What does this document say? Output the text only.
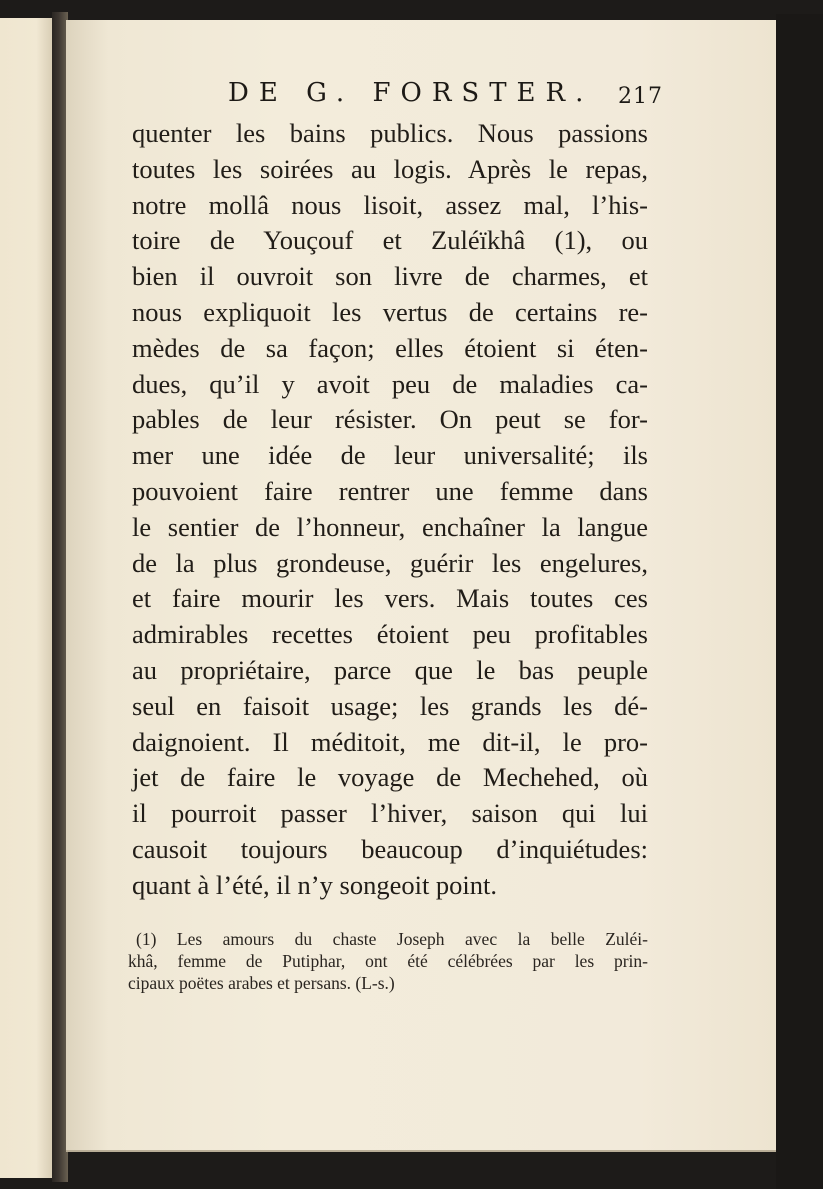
DE G. FORSTER. 217
quenter les bains publics. Nous passions
toutes les soirées au logis. Après le repas,
notre mollâ nous lisoit, assez mal, l’his-
toire de Youçouf et Zuléïkhâ (1), ou
bien il ouvroit son livre de charmes, et
nous expliquoit les vertus de certains re-
mèdes de sa façon; elles étoient si éten-
dues, qu’il y avoit peu de maladies ca-
pables de leur résister. On peut se for-
mer une idée de leur universalité; ils
pouvoient faire rentrer une femme dans
le sentier de l’honneur, enchaîner la langue
de la plus grondeuse, guérir les engelures,
et faire mourir les vers. Mais toutes ces
admirables recettes étoient peu profitables
au propriétaire, parce que le bas peuple
seul en faisoit usage; les grands les dé-
daignoient. Il méditoit, me dit-il, le pro-
jet de faire le voyage de Mechehed, où
il pourroit passer l’hiver, saison qui lui
causoit toujours beaucoup d’inquiétudes:
quant à l’été, il n’y songeoit point.
(1) Les amours du chaste Joseph avec la belle Zuléi-
khâ, femme de Putiphar, ont été célébrées par les prin-
cipaux poëtes arabes et persans. (L-s.)
